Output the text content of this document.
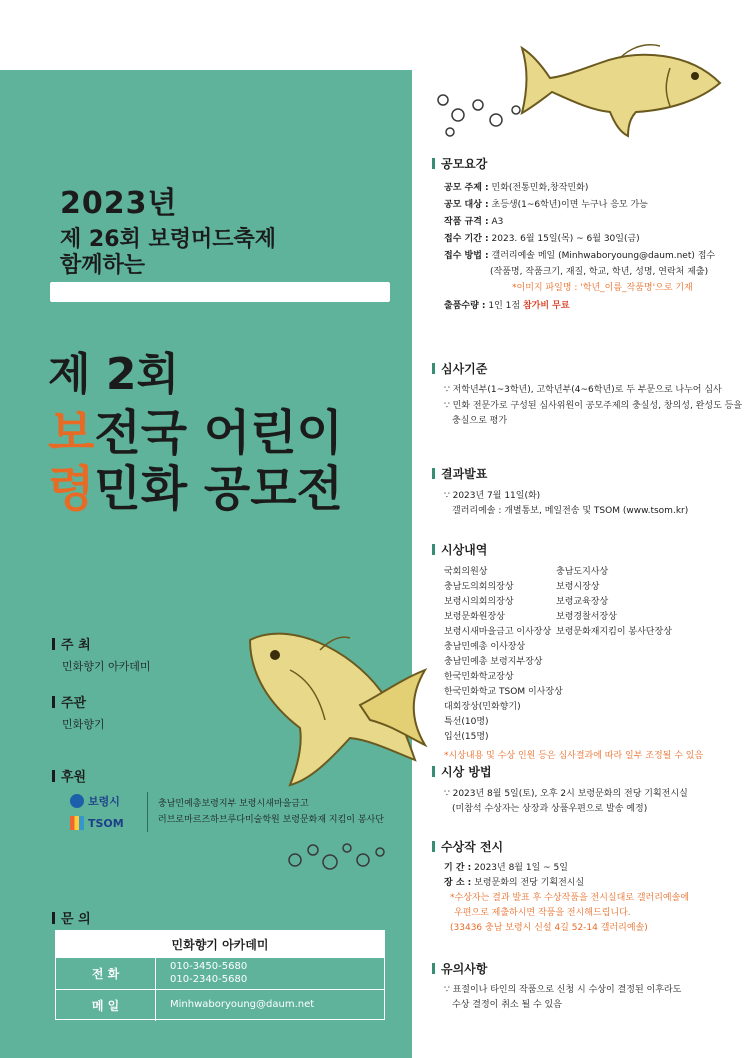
2023년
제 26회 보령머드축제
함께하는
제 2회
보전국 어린이
령민화 공모전
주 최
민화향기 아카데미
주관
민화향기
후원
보령시
TSOM
충남민예총보령지부 보령시새마을금고
러브로마르즈하브루다미술학원 보령문화재 지킴이 봉사단
문 의
민화향기 아카데미
전 화
010-3450-5680
010-2340-5680
메 일	Minhwaboryoung@daum.net
공모요강
공모 주제 : 민화(전통민화,창작민화)
공모 대상 : 초등생(1~6학년)이면 누구나 응모 가능
작품 규격 : A3
접수 기간 : 2023. 6월 15일(목) ~ 6월 30일(금)
접수 방법 : 갤러리예솔 메일 (Minhwaboryoung@daum.net) 접수
(작품명, 작품크기, 재질, 학교, 학년, 성명, 연락처 제출)
*이미지 파일명 : '학년_이름_작품명'으로 기재
출품수량 : 1인 1점 참가비 무료
심사기준
∵ 저학년부(1~3학년), 고학년부(4~6학년)로 두 부문으로 나누어 심사
∵ 민화 전문가로 구성된 심사위원이 공모주제의 충실성, 창의성, 완성도 등을
충실으로 평가
결과발표
∵ 2023년 7월 11일(화)
갤러리예솔 : 개별통보, 메일전송 및 TSOM (www.tsom.kr)
시상내역
국회의원상
충남도의회의장상
보령시의회의장상
보령문화원장상
보령시새마을금고 이사장상
충남민예총 이사장상
충남민예총 보령지부장상
한국민화학교장상
한국민화학교 TSOM 이사장상
대회장상(민화향기)
특선(10명)
입선(15명)
충남도지사상
보령시장상
보령교육장상
보령경찰서장상
보령문화재지킴이 봉사단장상
*시상내용 및 수상 인원 등은 심사결과에 따라 일부 조정될 수 있음
시상 방법
∵ 2023년 8월 5일(토), 오후 2시 보령문화의 전당 기획전시실
(미참석 수상자는 상장과 상품우편으로 발송 예정)
수상작 전시
기 간 : 2023년 8월 1일 ~ 5일
장 소 : 보령문화의 전당 기획전시실
*수상자는 결과 발표 후 수상작품을 전시실대로 갤러리예솔에
우편으로 제출하시면 작품을 전시해드립니다.
(33436 충남 보령시 신설 4길 52-14 갤러리예솔)
유의사항
∵ 표절이나 타인의 작품으로 신청 시 수상이 결정된 이후라도
수상 결정이 취소 될 수 있음
